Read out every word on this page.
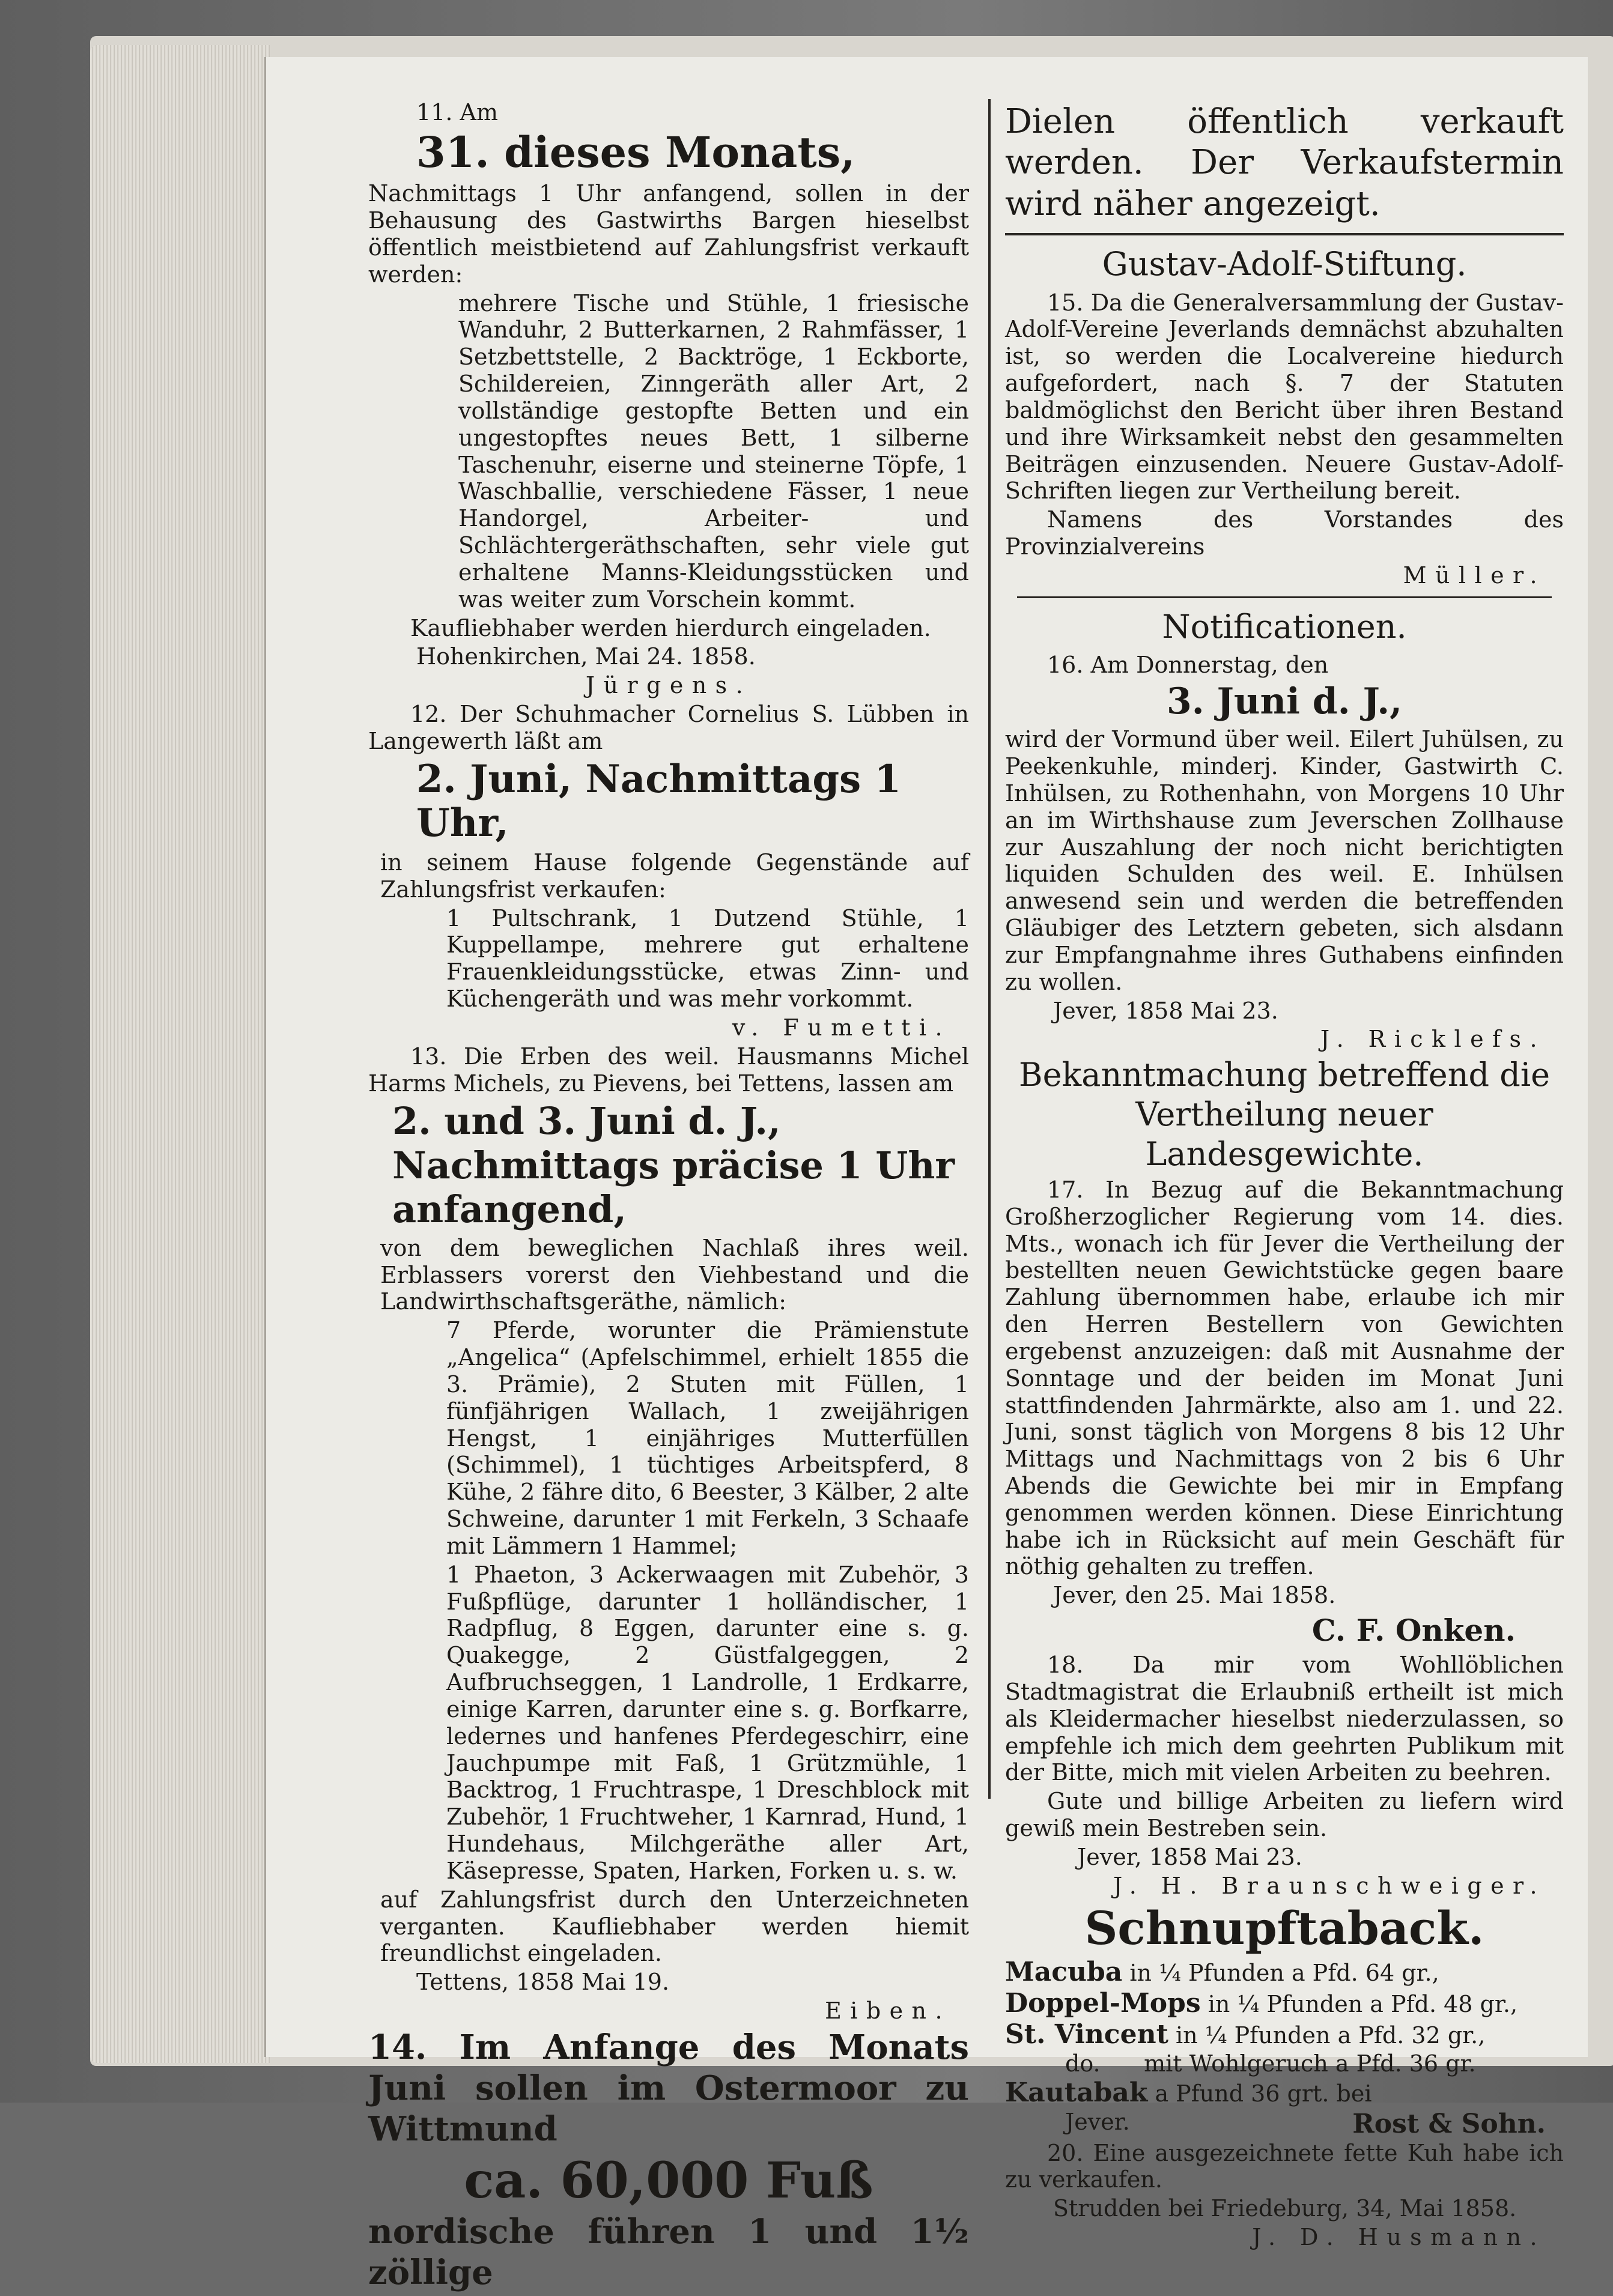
11. Am

31. dieses Monats,

Nachmittags 1 Uhr anfangend, sollen in der Behausung des Gastwirths Bargen hieselbst öffentlich meistbietend auf Zahlungsfrist verkauft werden:

mehrere Tische und Stühle, 1 friesische Wanduhr, 2 Butterkarnen, 2 Rahmfässer, 1 Setzbettstelle, 2 Backtröge, 1 Eckborte, Schildereien, Zinngeräth aller Art, 2 vollständige gestopfte Betten und ein ungestopftes neues Bett, 1 silberne Taschenuhr, eiserne und steinerne Töpfe, 1 Waschballie, verschiedene Fässer, 1 neue Handorgel, Arbeiter- und Schlächtergeräthschaften, sehr viele gut erhaltene Manns-Kleidungsstücken und was weiter zum Vorschein kommt.

Kaufliebhaber werden hierdurch eingeladen.

Hohenkirchen, Mai 24. 1858.

Jürgens.

12. Der Schuhmacher Cornelius S. Lübben in Langewerth läßt am

2. Juni, Nachmittags 1 Uhr,

in seinem Hause folgende Gegenstände auf Zahlungsfrist verkaufen:

1 Pultschrank, 1 Dutzend Stühle, 1 Kuppellampe, mehrere gut erhaltene Frauenkleidungsstücke, etwas Zinn- und Küchengeräth und was mehr vorkommt.

v. Fumetti.

13. Die Erben des weil. Hausmanns Michel Harms Michels, zu Pievens, bei Tettens, lassen am

2. und 3. Juni d. J., Nachmittags präcise 1 Uhr anfangend,

von dem beweglichen Nachlaß ihres weil. Erblassers vorerst den Viehbestand und die Landwirthschaftsgeräthe, nämlich:

7 Pferde, worunter die Prämienstute „Angelica“ (Apfelschimmel, erhielt 1855 die 3. Prämie), 2 Stuten mit Füllen, 1 fünfjährigen Wallach, 1 zweijährigen Hengst, 1 einjähriges Mutterfüllen (Schimmel), 1 tüchtiges Arbeitspferd, 8 Kühe, 2 fähre dito, 6 Beester, 3 Kälber, 2 alte Schweine, darunter 1 mit Ferkeln, 3 Schaafe mit Lämmern 1 Hammel;

1 Phaeton, 3 Ackerwaagen mit Zubehör, 3 Fußpflüge, darunter 1 holländischer, 1 Radpflug, 8 Eggen, darunter eine s. g. Quakegge, 2 Güstfalgeggen, 2 Aufbruchseggen, 1 Landrolle, 1 Erdkarre, einige Karren, darunter eine s. g. Borfkarre, ledernes und hanfenes Pferdegeschirr, eine Jauchpumpe mit Faß, 1 Grützmühle, 1 Backtrog, 1 Fruchtraspe, 1 Dreschblock mit Zubehör, 1 Fruchtweher, 1 Karnrad, Hund, 1 Hundehaus, Milchgeräthe aller Art, Käsepresse, Spaten, Harken, Forken u. s. w.

auf Zahlungsfrist durch den Unterzeichneten verganten. Kaufliebhaber werden hiemit freundlichst eingeladen.

Tettens, 1858 Mai 19.

Eiben.

14. Im Anfange des Monats Juni sollen im Ostermoor zu Wittmund
ca. 60,000 Fuß
nordische führen 1 und 1½ zöllige
Dielen öffentlich verkauft werden. Der Verkaufstermin wird näher angezeigt.
Gustav-Adolf-Stiftung.

15. Da die Generalversammlung der Gustav-Adolf-Vereine Jeverlands demnächst abzuhalten ist, so werden die Localvereine hiedurch aufgefordert, nach §. 7 der Statuten baldmöglichst den Bericht über ihren Bestand und ihre Wirksamkeit nebst den gesammelten Beiträgen einzusenden. Neuere Gustav-Adolf-Schriften liegen zur Vertheilung bereit.

Namens des Vorstandes des Provinzialvereins

Müller.

Notificationen.

16. Am Donnerstag, den

3. Juni d. J.,

wird der Vormund über weil. Eilert Juhülsen, zu Peekenkuhle, minderj. Kinder, Gastwirth C. Inhülsen, zu Rothenhahn, von Morgens 10 Uhr an im Wirthshause zum Jeverschen Zollhause zur Auszahlung der noch nicht berichtigten liquiden Schulden des weil. E. Inhülsen anwesend sein und werden die betreffenden Gläubiger des Letztern gebeten, sich alsdann zur Empfangnahme ihres Guthabens einfinden zu wollen.

Jever, 1858 Mai 23.

J. Ricklefs.

Bekanntmachung betreffend die Vertheilung neuer Landesgewichte.

17. In Bezug auf die Bekanntmachung Großherzoglicher Regierung vom 14. dies. Mts., wonach ich für Jever die Vertheilung der bestellten neuen Gewichtstücke gegen baare Zahlung übernommen habe, erlaube ich mir den Herren Bestellern von Gewichten ergebenst anzuzeigen: daß mit Ausnahme der Sonntage und der beiden im Monat Juni stattfindenden Jahrmärkte, also am 1. und 22. Juni, sonst täglich von Morgens 8 bis 12 Uhr Mittags und Nachmittags von 2 bis 6 Uhr Abends die Gewichte bei mir in Empfang genommen werden können. Diese Einrichtung habe ich in Rücksicht auf mein Geschäft für nöthig gehalten zu treffen.

Jever, den 25. Mai 1858.

C. F. Onken.

18. Da mir vom Wohllöblichen Stadtmagistrat die Erlaubniß ertheilt ist mich als Kleidermacher hieselbst niederzulassen, so empfehle ich mich dem geehrten Publikum mit der Bitte, mich mit vielen Arbeiten zu beehren.

Gute und billige Arbeiten zu liefern wird gewiß mein Bestreben sein.

Jever, 1858 Mai 23.

J. H. Braunschweiger.

Schnupftaback.

Macuba in ¼ Pfunden a Pfd. 64 gr.,

Doppel-Mops in ¼ Pfunden a Pfd. 48 gr.,

St. Vincent in ¼ Pfunden a Pfd. 32 gr.,

do.      mit Wohlgeruch a Pfd. 36 gr.

Kautabak a Pfund 36 grt. bei

Jever.	Rost & Sohn.

20. Eine ausgezeichnete fette Kuh habe ich zu verkaufen.

Strudden bei Friedeburg, 34, Mai 1858.

J. D. Husmann.
